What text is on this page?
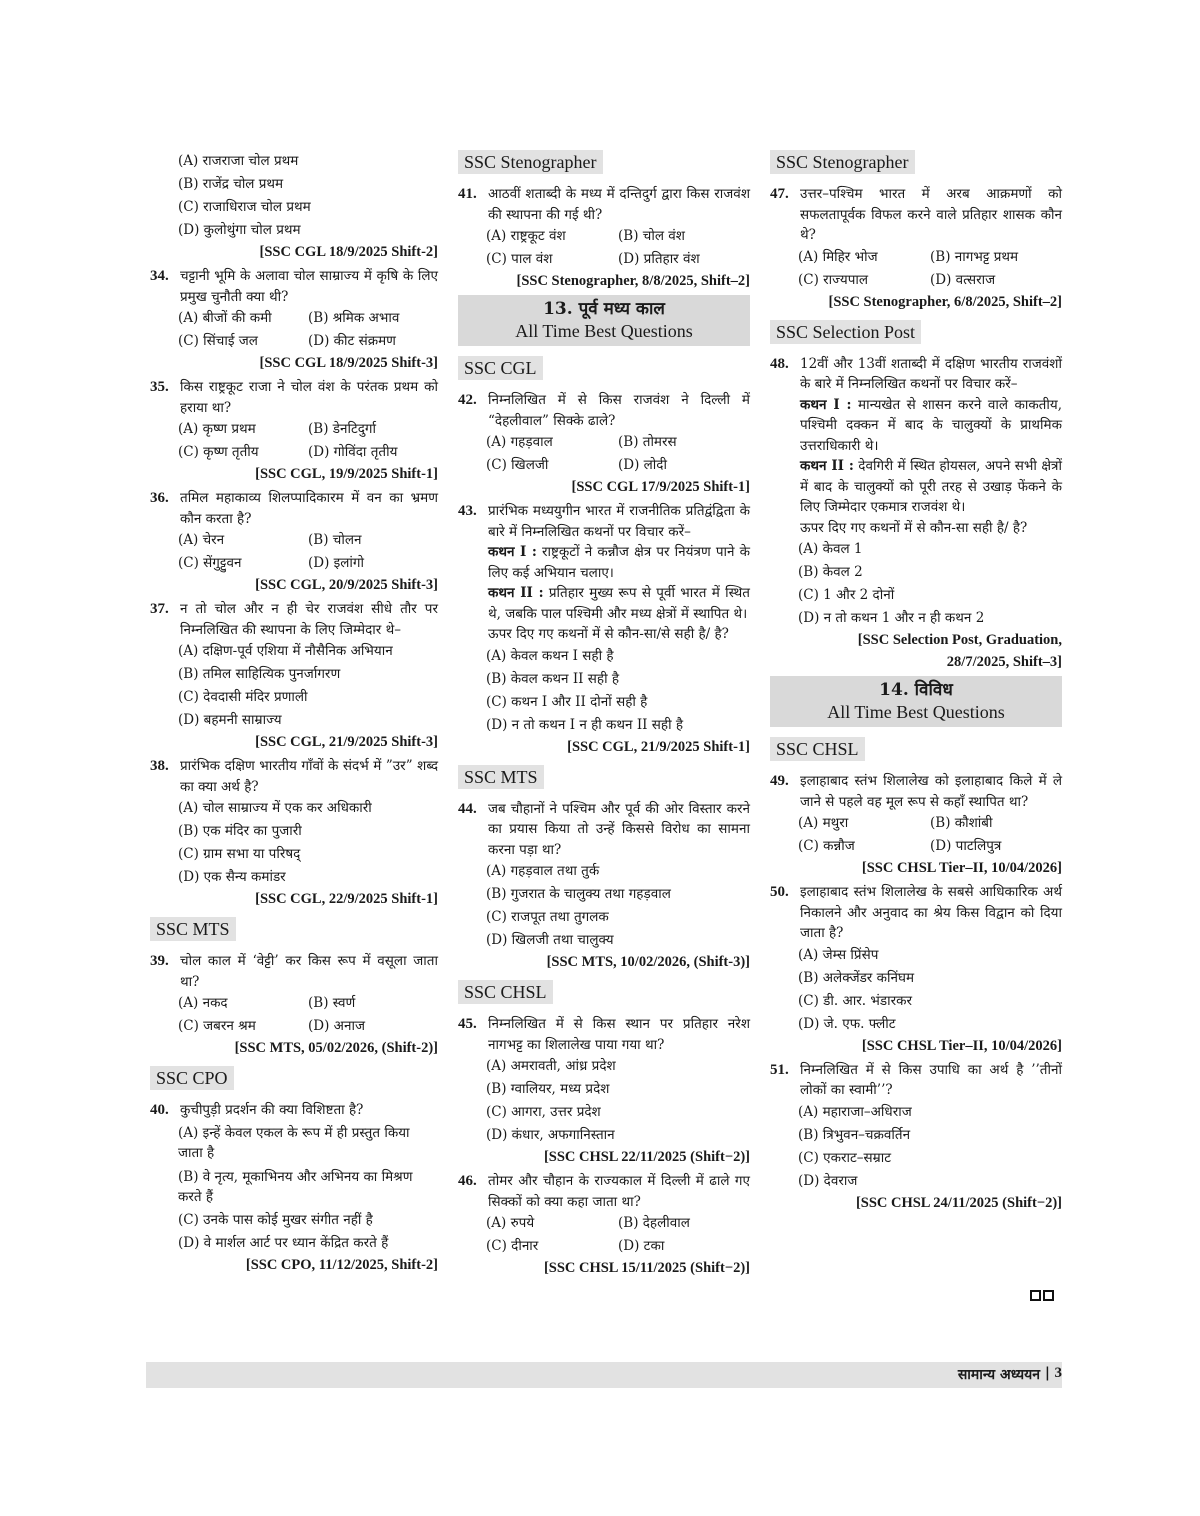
(A) राजराजा चोल प्रथम
(B) राजेंद्र चोल प्रथम
(C) राजाधिराज चोल प्रथम
(D) कुलोथुंगा चोल प्रथम
[SSC CGL 18/9/2025 Shift-2]
34. चट्टानी भूमि के अलावा चोल साम्राज्य में कृषि के लिए प्रमुख चुनौती क्या थी?
(A) बीजों की कमी	(B) श्रमिक अभाव
(C) सिंचाई जल	(D) कीट संक्रमण
[SSC CGL 18/9/2025 Shift-3]
35. किस राष्ट्रकूट राजा ने चोल वंश के परंतक प्रथम को हराया था?
(A) कृष्ण प्रथम	(B) डेनटिदुर्गा
(C) कृष्ण तृतीय	(D) गोविंदा तृतीय
[SSC CGL, 19/9/2025 Shift-1]
36. तमिल महाकाव्य शिलप्पादिकारम में वन का भ्रमण कौन करता है?
(A) चेरन	(B) चोलन
(C) सेंगुट्टुवन	(D) इलांगो
[SSC CGL, 20/9/2025 Shift-3]
37. न तो चोल और न ही चेर राजवंश सीधे तौर पर निम्नलिखित की स्थापना के लिए जिम्मेदार थे–
(A) दक्षिण-पूर्व एशिया में नौसैनिक अभियान
(B) तमिल साहित्यिक पुनर्जागरण
(C) देवदासी मंदिर प्रणाली
(D) बहमनी साम्राज्य
[SSC CGL, 21/9/2025 Shift-3]
38. प्रारंभिक दक्षिण भारतीय गाँवों के संदर्भ में ”उर” शब्द का क्या अर्थ है?
(A) चोल साम्राज्य में एक कर अधिकारी
(B) एक मंदिर का पुजारी
(C) ग्राम सभा या परिषद्
(D) एक सैन्य कमांडर
[SSC CGL, 22/9/2025 Shift-1]
SSC MTS
39. चोल काल में ‘वेट्टी’ कर किस रूप में वसूला जाता था?
(A) नकद	(B) स्वर्ण
(C) जबरन श्रम	(D) अनाज
[SSC MTS, 05/02/2026, (Shift-2)]
SSC CPO
40. कुचीपुड़ी प्रदर्शन की क्या विशिष्टता है?
(A) इन्हें केवल एकल के रूप में ही प्रस्तुत किया जाता है
(B) वे नृत्य, मूकाभिनय और अभिनय का मिश्रण करते हैं
(C) उनके पास कोई मुखर संगीत नहीं है
(D) वे मार्शल आर्ट पर ध्यान केंद्रित करते हैं
[SSC CPO, 11/12/2025, Shift-2]
SSC Stenographer
41. आठवीं शताब्दी के मध्य में दन्तिदुर्ग द्वारा किस राजवंश की स्थापना की गई थी?
(A) राष्ट्रकूट वंश	(B) चोल वंश
(C) पाल वंश	(D) प्रतिहार वंश
[SSC Stenographer, 8/8/2025, Shift–2]
13. पूर्व मध्य काल
All Time Best Questions
SSC CGL
42. निम्नलिखित में से किस राजवंश ने दिल्ली में “देहलीवाल” सिक्के ढाले?
(A) गहड़वाल	(B) तोमरस
(C) खिलजी	(D) लोदी
[SSC CGL 17/9/2025 Shift-1]
43. प्रारंभिक मध्ययुगीन भारत में राजनीतिक प्रतिद्वंद्विता के बारे में निम्नलिखित कथनों पर विचार करें–
कथन I : राष्ट्रकूटों ने कन्नौज क्षेत्र पर नियंत्रण पाने के लिए कई अभियान चलाए।
कथन II : प्रतिहार मुख्य रूप से पूर्वी भारत में स्थित थे, जबकि पाल पश्चिमी और मध्य क्षेत्रों में स्थापित थे।
ऊपर दिए गए कथनों में से कौन-सा/से सही है/ है?
(A) केवल कथन I सही है
(B) केवल कथन II सही है
(C) कथन I और II दोनों सही है
(D) न तो कथन I न ही कथन II सही है
[SSC CGL, 21/9/2025 Shift-1]
SSC MTS
44. जब चौहानों ने पश्चिम और पूर्व की ओर विस्तार करने का प्रयास किया तो उन्हें किससे विरोध का सामना करना पड़ा था?
(A) गहड़वाल तथा तुर्क
(B) गुजरात के चालुक्य तथा गहड़वाल
(C) राजपूत तथा तुगलक
(D) खिलजी तथा चालुक्य
[SSC MTS, 10/02/2026, (Shift-3)]
SSC CHSL
45. निम्नलिखित में से किस स्थान पर प्रतिहार नरेश नागभट्ट का शिलालेख पाया गया था?
(A) अमरावती, आंध्र प्रदेश
(B) ग्वालियर, मध्य प्रदेश
(C) आगरा, उत्तर प्रदेश
(D) कंधार, अफगानिस्तान
[SSC CHSL 22/11/2025 (Shift−2)]
46. तोमर और चौहान के राज्यकाल में दिल्ली में ढाले गए सिक्कों को क्या कहा जाता था?
(A) रुपये	(B) देहलीवाल
(C) दीनार	(D) टका
[SSC CHSL 15/11/2025 (Shift−2)]
SSC Stenographer
47. उत्तर–पश्चिम भारत में अरब आक्रमणों को सफलतापूर्वक विफल करने वाले प्रतिहार शासक कौन थे?
(A) मिहिर भोज	(B) नागभट्ट प्रथम
(C) राज्यपाल	(D) वत्सराज
[SSC Stenographer, 6/8/2025, Shift–2]
SSC Selection Post
48. 12वीं और 13वीं शताब्दी में दक्षिण भारतीय राजवंशों के बारे में निम्नलिखित कथनों पर विचार करें–
कथन I : मान्यखेत से शासन करने वाले काकतीय, पश्चिमी दक्कन में बाद के चालुक्यों के प्राथमिक उत्तराधिकारी थे।
कथन II : देवगिरी में स्थित होयसल, अपने सभी क्षेत्रों में बाद के चालुक्यों को पूरी तरह से उखाड़ फेंकने के लिए जिम्मेदार एकमात्र राजवंश थे।
ऊपर दिए गए कथनों में से कौन-सा सही है/ है?
(A) केवल 1
(B) केवल 2
(C) 1 और 2 दोनों
(D) न तो कथन 1 और न ही कथन 2
[SSC Selection Post, Graduation,
28/7/2025, Shift–3]
14. विविध
All Time Best Questions
SSC CHSL
49. इलाहाबाद स्तंभ शिलालेख को इलाहाबाद किले में ले जाने से पहले वह मूल रूप से कहाँ स्थापित था?
(A) मथुरा	(B) कौशांबी
(C) कन्नौज	(D) पाटलिपुत्र
[SSC CHSL Tier–II, 10/04/2026]
50. इलाहाबाद स्तंभ शिलालेख के सबसे आधिकारिक अर्थ निकालने और अनुवाद का श्रेय किस विद्वान को दिया जाता है?
(A) जेम्स प्रिंसेप
(B) अलेक्जेंडर कनिंघम
(C) डी. आर. भंडारकर
(D) जे. एफ. फ्लीट
[SSC CHSL Tier–II, 10/04/2026]
51. निम्नलिखित में से किस उपाधि का अर्थ है ’’तीनों लोकों का स्वामी’’?
(A) महाराजा–अधिराज
(B) त्रिभुवन–चक्रवर्तिन
(C) एकराट–सम्राट
(D) देवराज
[SSC CHSL 24/11/2025 (Shift−2)]
सामान्य अध्ययन | 3
